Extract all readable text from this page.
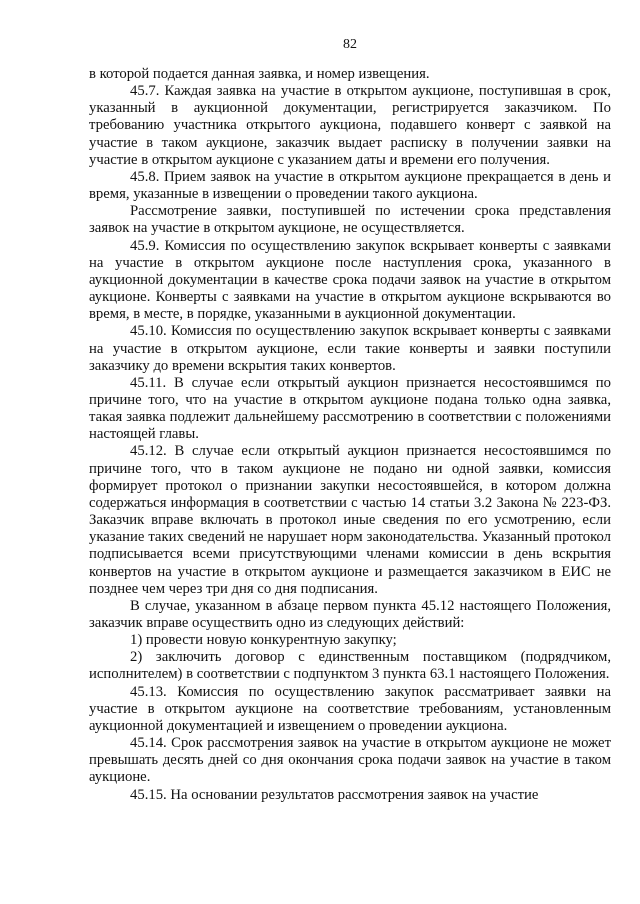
82

в которой подается данная заявка, и номер извещения.

45.7. Каждая заявка на участие в открытом аукционе, поступившая в срок, указанный в аукционной документации, регистрируется заказчиком. По требованию участника открытого аукциона, подавшего конверт с заявкой на участие в таком аукционе, заказчик выдает расписку в получении заявки на участие в открытом аукционе с указанием даты и времени его получения.

45.8. Прием заявок на участие в открытом аукционе прекращается в день и время, указанные в извещении о проведении такого аукциона.

Рассмотрение заявки, поступившей по истечении срока представления заявок на участие в открытом аукционе, не осуществляется.

45.9. Комиссия по осуществлению закупок вскрывает конверты с заявками на участие в открытом аукционе после наступления срока, указанного в аукционной документации в качестве срока подачи заявок на участие в открытом аукционе. Конверты с заявками на участие в открытом аукционе вскрываются во время, в месте, в порядке, указанными в аукционной документации.

45.10. Комиссия по осуществлению закупок вскрывает конверты с заявками на участие в открытом аукционе, если такие конверты и заявки поступили заказчику до времени вскрытия таких конвертов.

45.11. В случае если открытый аукцион признается несостоявшимся по причине того, что на участие в открытом аукционе подана только одна заявка, такая заявка подлежит дальнейшему рассмотрению в соответствии с положениями настоящей главы.

45.12. В случае если открытый аукцион признается несостоявшимся по причине того, что в таком аукционе не подано ни одной заявки, комиссия формирует протокол о признании закупки несостоявшейся, в котором должна содержаться информация в соответствии с частью 14 статьи 3.2 Закона № 223-ФЗ. Заказчик вправе включать в протокол иные сведения по его усмотрению, если указание таких сведений не нарушает норм законодательства. Указанный протокол подписывается всеми присутствующими членами комиссии в день вскрытия конвертов на участие в открытом аукционе и размещается заказчиком в ЕИС не позднее чем через три дня со дня подписания.

В случае, указанном в абзаце первом пункта 45.12 настоящего Положения, заказчик вправе осуществить одно из следующих действий:

1) провести новую конкурентную закупку;

2) заключить договор с единственным поставщиком (подрядчиком, исполнителем) в соответствии с подпунктом 3 пункта 63.1 настоящего Положения.

45.13. Комиссия по осуществлению закупок рассматривает заявки на участие в открытом аукционе на соответствие требованиям, установленным аукционной документацией и извещением о проведении аукциона.

45.14. Срок рассмотрения заявок на участие в открытом аукционе не может превышать десять дней со дня окончания срока подачи заявок на участие в таком аукционе.

45.15. На основании результатов рассмотрения заявок на участие
